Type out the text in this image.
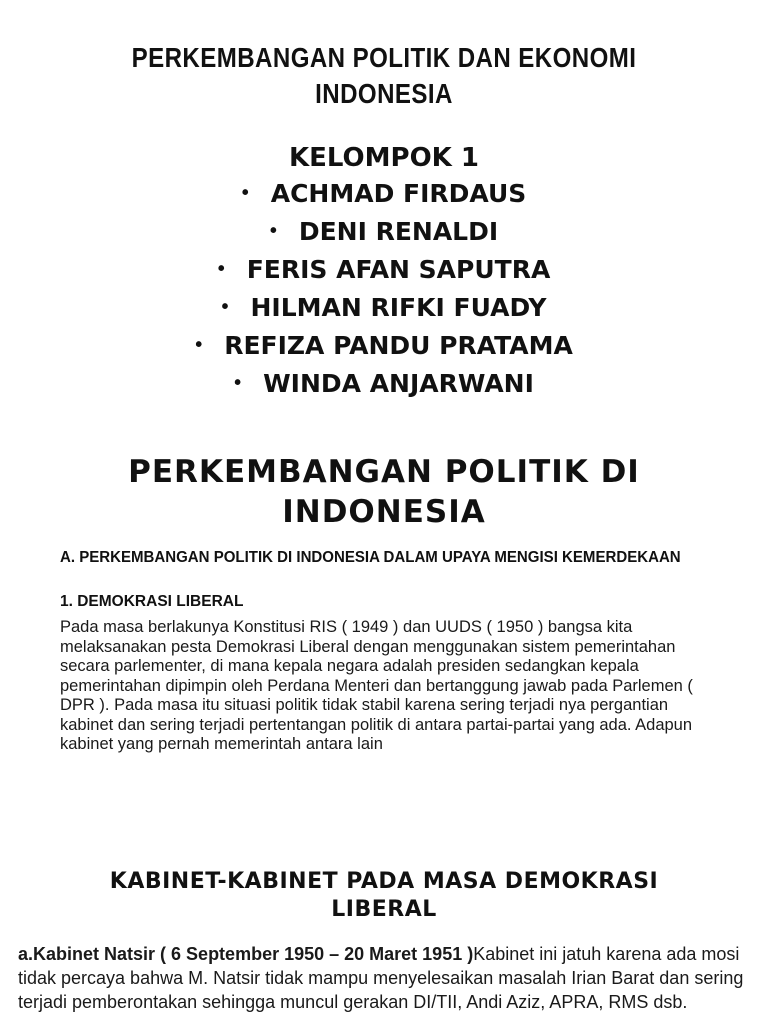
PERKEMBANGAN POLITIK DAN EKONOMI
INDONESIA

KELOMPOK 1

• ACHMAD FIRDAUS
• DENI RENALDI
• FERIS AFAN SAPUTRA
• HILMAN RIFKI FUADY
• REFIZA PANDU PRATAMA
• WINDA ANJARWANI
PERKEMBANGAN POLITIK DI
INDONESIA

A. PERKEMBANGAN POLITIK DI INDONESIA DALAM UPAYA MENGISI KEMERDEKAAN

1. DEMOKRASI LIBERAL

Pada masa berlakunya Konstitusi RIS ( 1949 ) dan UUDS ( 1950 ) bangsa kita melaksanakan pesta Demokrasi Liberal dengan menggunakan sistem pemerintahan secara parlementer, di mana kepala negara adalah presiden sedangkan kepala pemerintahan dipimpin oleh Perdana Menteri dan bertanggung jawab pada Parlemen ( DPR ). Pada masa itu situasi politik tidak stabil karena sering terjadi nya pergantian kabinet dan sering terjadi pertentangan politik di antara partai-partai yang ada. Adapun kabinet yang pernah memerintah antara lain

KABINET-KABINET PADA MASA DEMOKRASI
LIBERAL

a.Kabinet Natsir ( 6 September 1950 – 20 Maret 1951 )Kabinet ini jatuh karena ada mosi tidak percaya bahwa M. Natsir tidak mampu menyelesaikan masalah Irian Barat dan sering terjadi pemberontakan sehingga muncul gerakan DI/TII, Andi Aziz, APRA, RMS dsb.
